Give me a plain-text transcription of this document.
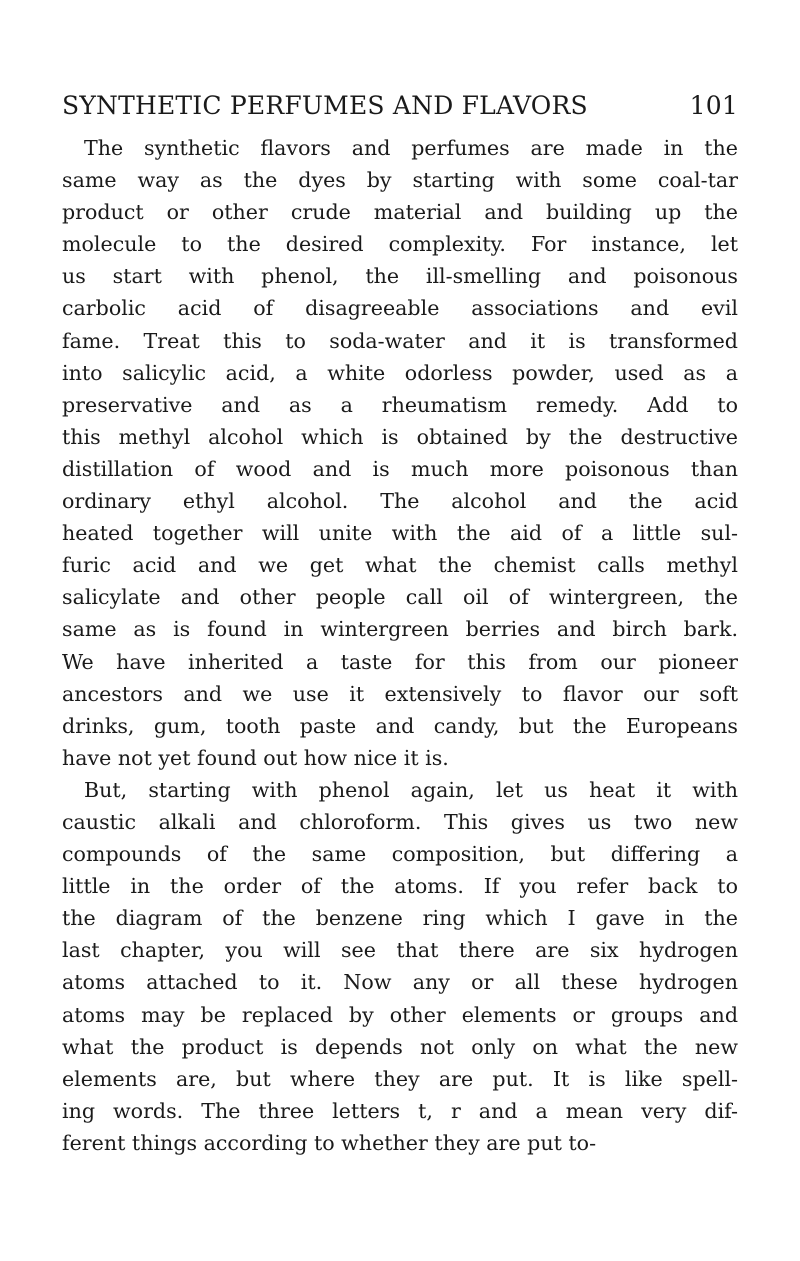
SYNTHETIC PERFUMES AND FLAVORS	101
The synthetic flavors and perfumes are made in the
same way as the dyes by starting with some coal-tar
product or other crude material and building up the
molecule to the desired complexity. For instance, let
us start with phenol, the ill-smelling and poisonous
carbolic acid of disagreeable associations and evil
fame. Treat this to soda-water and it is transformed
into salicylic acid, a white odorless powder, used as a
preservative and as a rheumatism remedy. Add to
this methyl alcohol which is obtained by the destructive
distillation of wood and is much more poisonous than
ordinary ethyl alcohol. The alcohol and the acid
heated together will unite with the aid of a little sul-
furic acid and we get what the chemist calls methyl
salicylate and other people call oil of wintergreen, the
same as is found in wintergreen berries and birch bark.
We have inherited a taste for this from our pioneer
ancestors and we use it extensively to flavor our soft
drinks, gum, tooth paste and candy, but the Europeans
have not yet found out how nice it is.
But, starting with phenol again, let us heat it with
caustic alkali and chloroform. This gives us two new
compounds of the same composition, but differing a
little in the order of the atoms. If you refer back to
the diagram of the benzene ring which I gave in the
last chapter, you will see that there are six hydrogen
atoms attached to it. Now any or all these hydrogen
atoms may be replaced by other elements or groups and
what the product is depends not only on what the new
elements are, but where they are put. It is like spell-
ing words. The three letters t, r and a mean very dif-
ferent things according to whether they are put to-
